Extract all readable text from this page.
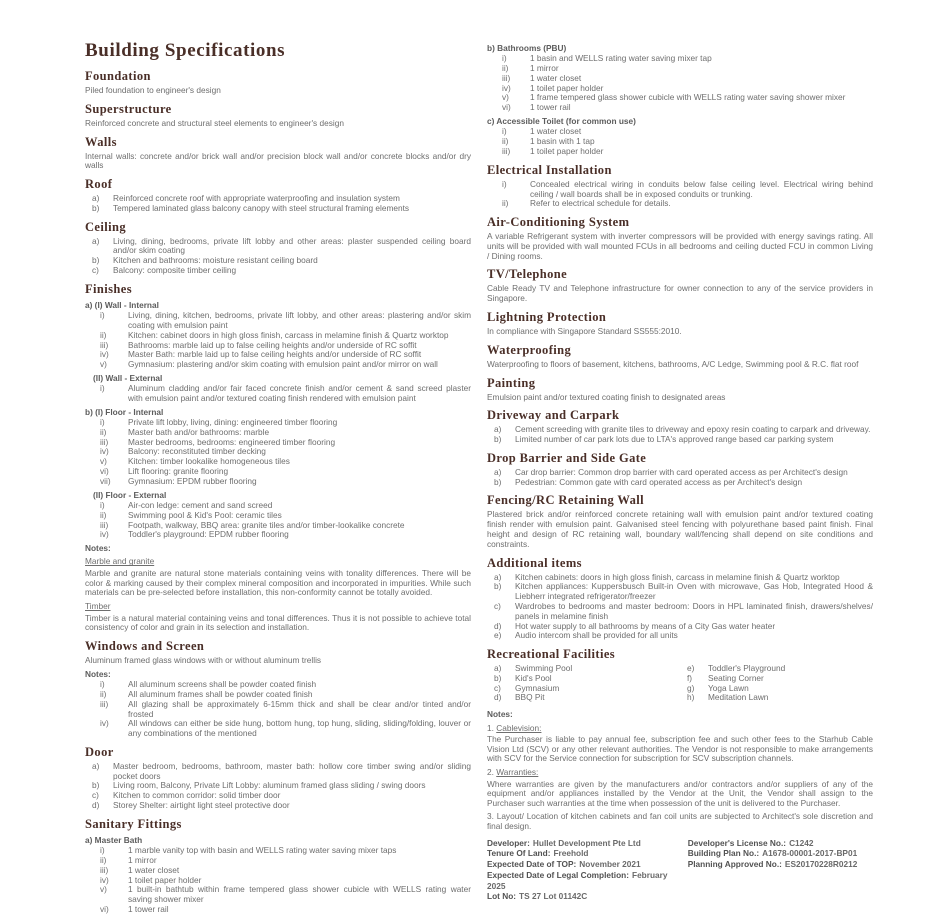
Building Specifications
Foundation

Piled foundation to engineer's design

Superstructure

Reinforced concrete and structural steel elements to engineer's design

Walls

Internal walls: concrete and/or brick wall and/or precision block wall and/or concrete blocks and/or dry walls

Roof
a)	Reinforced concrete roof with appropriate waterproofing and insulation system
b)	Tempered laminated glass balcony canopy with steel structural framing elements
Ceiling
a)	Living, dining, bedrooms, private lift lobby and other areas: plaster suspended ceiling board and/or skim coating
b)	Kitchen and bathrooms: moisture resistant ceiling board
c)	Balcony: composite timber ceiling
Finishes
a) (I) Wall - Internal
i)	Living, dining, kitchen, bedrooms, private lift lobby, and other areas: plastering and/or skim coating with emulsion paint
ii)	Kitchen: cabinet doors in high gloss finish, carcass in melamine finish & Quartz worktop
iii)	Bathrooms: marble laid up to false ceiling heights and/or underside of RC soffit
iv)	Master Bath: marble laid up to false ceiling heights and/or underside of RC soffit
v)	Gymnasium: plastering and/or skim coating with emulsion paint and/or mirror on wall
(II) Wall - External
i)	Aluminum cladding and/or fair faced concrete finish and/or cement & sand screed plaster with emulsion paint and/or textured coating finish rendered with emulsion paint
b) (I) Floor - Internal
i)	Private lift lobby, living, dining: engineered timber flooring
ii)	Master bath and/or bathrooms: marble
iii)	Master bedrooms, bedrooms: engineered timber flooring
iv)	Balcony: reconstituted timber decking
v)	Kitchen: timber lookalike homogeneous tiles
vi)	Lift flooring: granite flooring
vii)	Gymnasium: EPDM rubber flooring
(II) Floor - External
i)	Air-con ledge: cement and sand screed
ii)	Swimming pool & Kid's Pool: ceramic tiles
iii)	Footpath, walkway, BBQ area: granite tiles and/or timber-lookalike concrete
iv)	Toddler's playground: EPDM rubber flooring
Notes:
Marble and granite

Marble and granite are natural stone materials containing veins with tonality differences. There will be color & marking caused by their complex mineral composition and incorporated in impurities. While such materials can be pre-selected before installation, this non-conformity cannot be totally avoided.

Timber

Timber is a natural material containing veins and tonal differences. Thus it is not possible to achieve total consistency of color and grain in its selection and installation.

Windows and Screen

Aluminum framed glass windows with or without aluminum trellis

Notes:
i)	All aluminum screens shall be powder coated finish
ii)	All aluminum frames shall be powder coated finish
iii)	All glazing shall be approximately 6-15mm thick and shall be clear and/or tinted and/or frosted
iv)	All windows can either be side hung, bottom hung, top hung, sliding, sliding/folding, louver or any combinations of the mentioned
Door
a)	Master bedroom, bedrooms, bathroom, master bath: hollow core timber swing and/or sliding pocket doors
b)	Living room, Balcony, Private Lift Lobby: aluminum framed glass sliding / swing doors
c)	Kitchen to common corridor: solid timber door
d)	Storey Shelter: airtight light steel protective door
Sanitary Fittings
a) Master Bath
i)	1 marble vanity top with basin and WELLS rating water saving mixer taps
ii)	1 mirror
iii)	1 water closet
iv)	1 toilet paper holder
v)	1 built-in bathtub within frame tempered glass shower cubicle with WELLS rating water saving shower mixer
vi)	1 tower rail
b) Bathrooms (PBU)
i)	1 basin and WELLS rating water saving mixer tap
ii)	1 mirror
iii)	1 water closet
iv)	1 toilet paper holder
v)	1 frame tempered glass shower cubicle with WELLS rating water saving shower mixer
vi)	1 tower rail
c) Accessible Toilet (for common use)
i)	1 water closet
ii)	1 basin with 1 tap
iii)	1 toilet paper holder
Electrical Installation
i)	Concealed electrical wiring in conduits below false ceiling level. Electrical wiring behind ceiling / wall boards shall be in exposed conduits or trunking.
ii)	Refer to electrical schedule for details.
Air-Conditioning System

A variable Refrigerant system with inverter compressors will be provided with energy savings rating. All units will be provided with wall mounted FCUs in all bedrooms and ceiling ducted FCU in common Living / Dining rooms.

TV/Telephone

Cable Ready TV and Telephone infrastructure for owner connection to any of the service providers in Singapore.

Lightning Protection

In compliance with Singapore Standard SS555:2010.

Waterproofing

Waterproofing to floors of basement, kitchens, bathrooms, A/C Ledge, Swimming pool & R.C. flat roof

Painting

Emulsion paint and/or textured coating finish to designated areas

Driveway and Carpark
a)	Cement screeding with granite tiles to driveway and epoxy resin coating to carpark and driveway.
b)	Limited number of car park lots due to LTA's approved range based car parking system
Drop Barrier and Side Gate
a)	Car drop barrier: Common drop barrier with card operated access as per Architect's design
b)	Pedestrian: Common gate with card operated access as per Architect's design
Fencing/RC Retaining Wall

Plastered brick and/or reinforced concrete retaining wall with emulsion paint and/or textured coating finish render with emulsion paint. Galvanised steel fencing with polyurethane based paint finish. Final height and design of RC retaining wall, boundary wall/fencing shall depend on site conditions and constraints.

Additional items
a)	Kitchen cabinets: doors in high gloss finish, carcass in melamine finish & Quartz worktop
b)	Kitchen appliances: Kuppersbusch Built-in Oven with microwave, Gas Hob, Integrated Hood & Liebherr integrated refrigerator/freezer
c)	Wardrobes to bedrooms and master bedroom: Doors in HPL laminated finish, drawers/shelves/ panels in melamine finish
d)	Hot water supply to all bathrooms by means of a City Gas water heater
e)	Audio intercom shall be provided for all units
Recreational Facilities
a)	Swimming Pool
b)	Kid's Pool
c)	Gymnasium
d)	BBQ Pit
e)	Toddler's Playground
f)	Seating Corner
g)	Yoga Lawn
h)	Meditation Lawn
Notes:
1. Cablevision:

The Purchaser is liable to pay annual fee, subscription fee and such other fees to the Starhub Cable Vision Ltd (SCV) or any other relevant authorities. The Vendor is not responsible to make arrangements with SCV for the Service connection for subscription for SCV subscription channels.

2. Warranties:

Where warranties are given by the manufacturers and/or contractors and/or suppliers of any of the equipment and/or appliances installed by the Vendor at the Unit, the Vendor shall assign to the Purchaser such warranties at the time when possession of the unit is delivered to the Purchaser.

3. Layout/ Location of kitchen cabinets and fan coil units are subjected to Architect's sole discretion and final design.

Developer: Hullet Development Pte Ltd
Tenure Of Land: Freehold
Expected Date of TOP: November 2021
Expected Date of Legal Completion: February 2025
Lot No: TS 27 Lot 01142C
Developer's License No.: C1242
Building Plan No.: A1678-00001-2017-BP01
Planning Approved No.: ES20170228R0212
